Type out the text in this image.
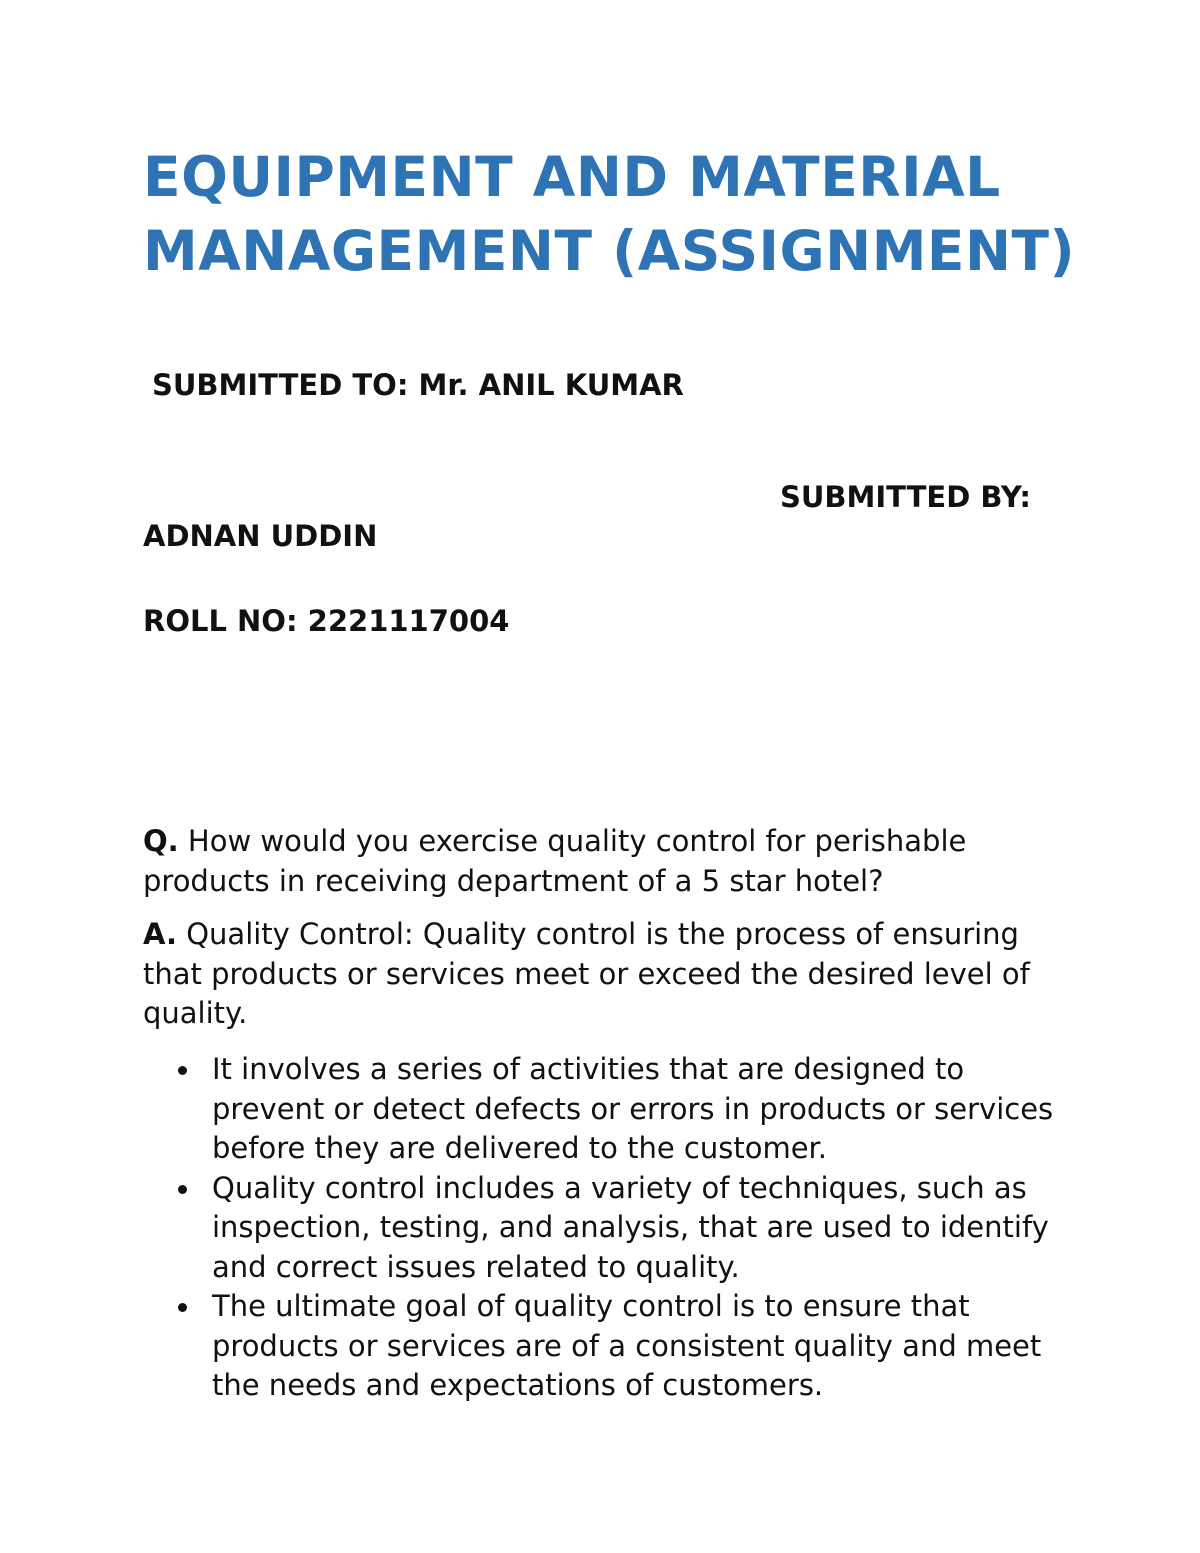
EQUIPMENT AND MATERIAL MANAGEMENT (ASSIGNMENT)

SUBMITTED TO: Mr. ANIL KUMAR

SUBMITTED BY:

ADNAN UDDIN

ROLL NO: 2221117004

Q. How would you exercise quality control for perishable products in receiving department of a 5 star hotel?

A. Quality Control: Quality control is the process of ensuring that products or services meet or exceed the desired level of quality.

It involves a series of activities that are designed to prevent or detect defects or errors in products or services before they are delivered to the customer.
Quality control includes a variety of techniques, such as inspection, testing, and analysis, that are used to identify and correct issues related to quality.
The ultimate goal of quality control is to ensure that products or services are of a consistent quality and meet the needs and expectations of customers.
